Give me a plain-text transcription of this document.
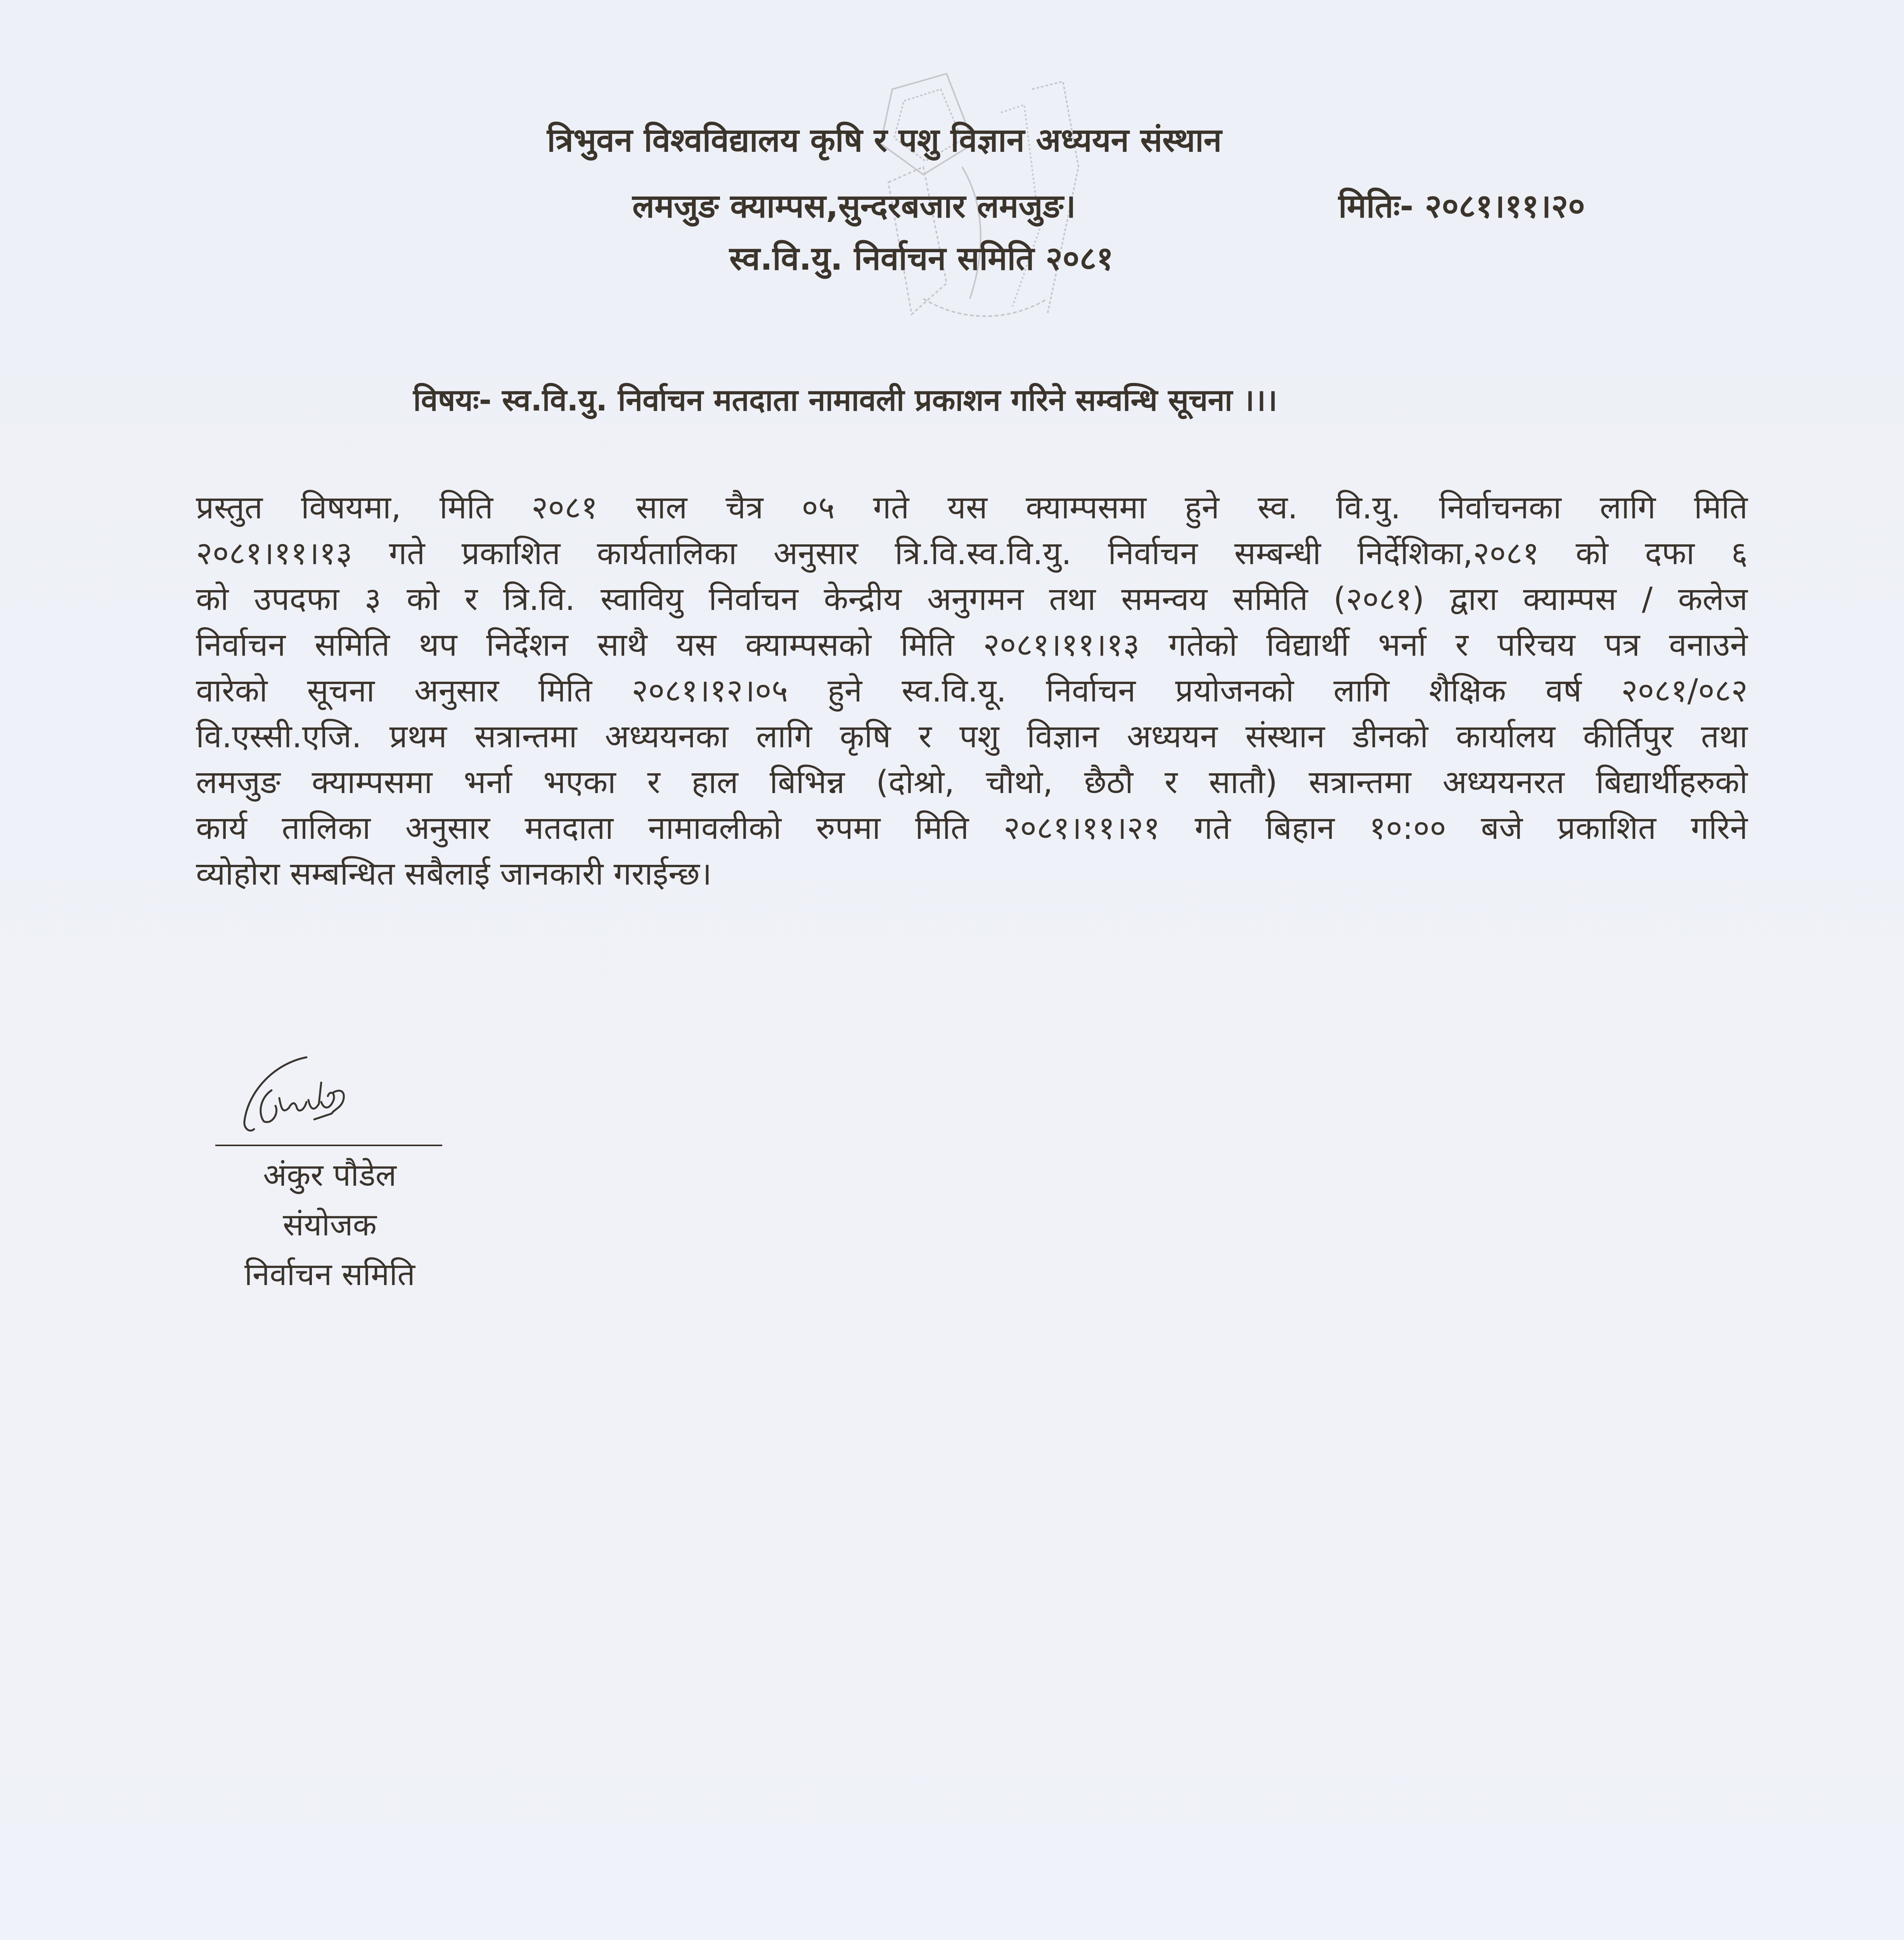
त्रिभुवन विश्वविद्यालय कृषि र पशु विज्ञान अध्ययन संस्थान
लमजुङ क्याम्पस,सुन्दरबजार लमजुङ।	मितिः- २०८१।११।२०
स्व.वि.यु. निर्वाचन समिति २०८१
विषयः- स्व.वि.यु. निर्वाचन मतदाता नामावली प्रकाशन गरिने सम्वन्धि सूचना ।।।
प्रस्तुत विषयमा, मिति २०८१ साल चैत्र ०५ गते यस क्याम्पसमा हुने स्व. वि.यु. निर्वाचनका लागि मिति
२०८१।११।१३ गते प्रकाशित कार्यतालिका अनुसार त्रि.वि.स्व.वि.यु. निर्वाचन सम्बन्धी निर्देशिका,२०८१ को दफा ६
को उपदफा ३ को र त्रि.वि. स्वावियु निर्वाचन केन्द्रीय अनुगमन तथा समन्वय समिति (२०८१) द्वारा क्याम्पस / कलेज
निर्वाचन समिति थप निर्देशन साथै यस क्याम्पसको मिति २०८१।११।१३ गतेको विद्यार्थी भर्ना र परिचय पत्र वनाउने
वारेको सूचना अनुसार मिति २०८१।१२।०५ हुने स्व.वि.यू. निर्वाचन प्रयोजनको लागि शैक्षिक वर्ष २०८१/०८२
वि.एस्सी.एजि. प्रथम सत्रान्तमा अध्ययनका लागि कृषि र पशु विज्ञान अध्ययन संस्थान डीनको कार्यालय कीर्तिपुर तथा
लमजुङ क्याम्पसमा भर्ना भएका र हाल बिभिन्न (दोश्रो, चौथो, छैठौ र सातौ) सत्रान्तमा अध्ययनरत बिद्यार्थीहरुको
कार्य तालिका अनुसार मतदाता नामावलीको रुपमा मिति २०८१।११।२१ गते बिहान १०:०० बजे प्रकाशित गरिने
व्योहोरा सम्बन्धित सबैलाई जानकारी गराईन्छ।
अंकुर पौडेल
संयोजक
निर्वाचन समिति
